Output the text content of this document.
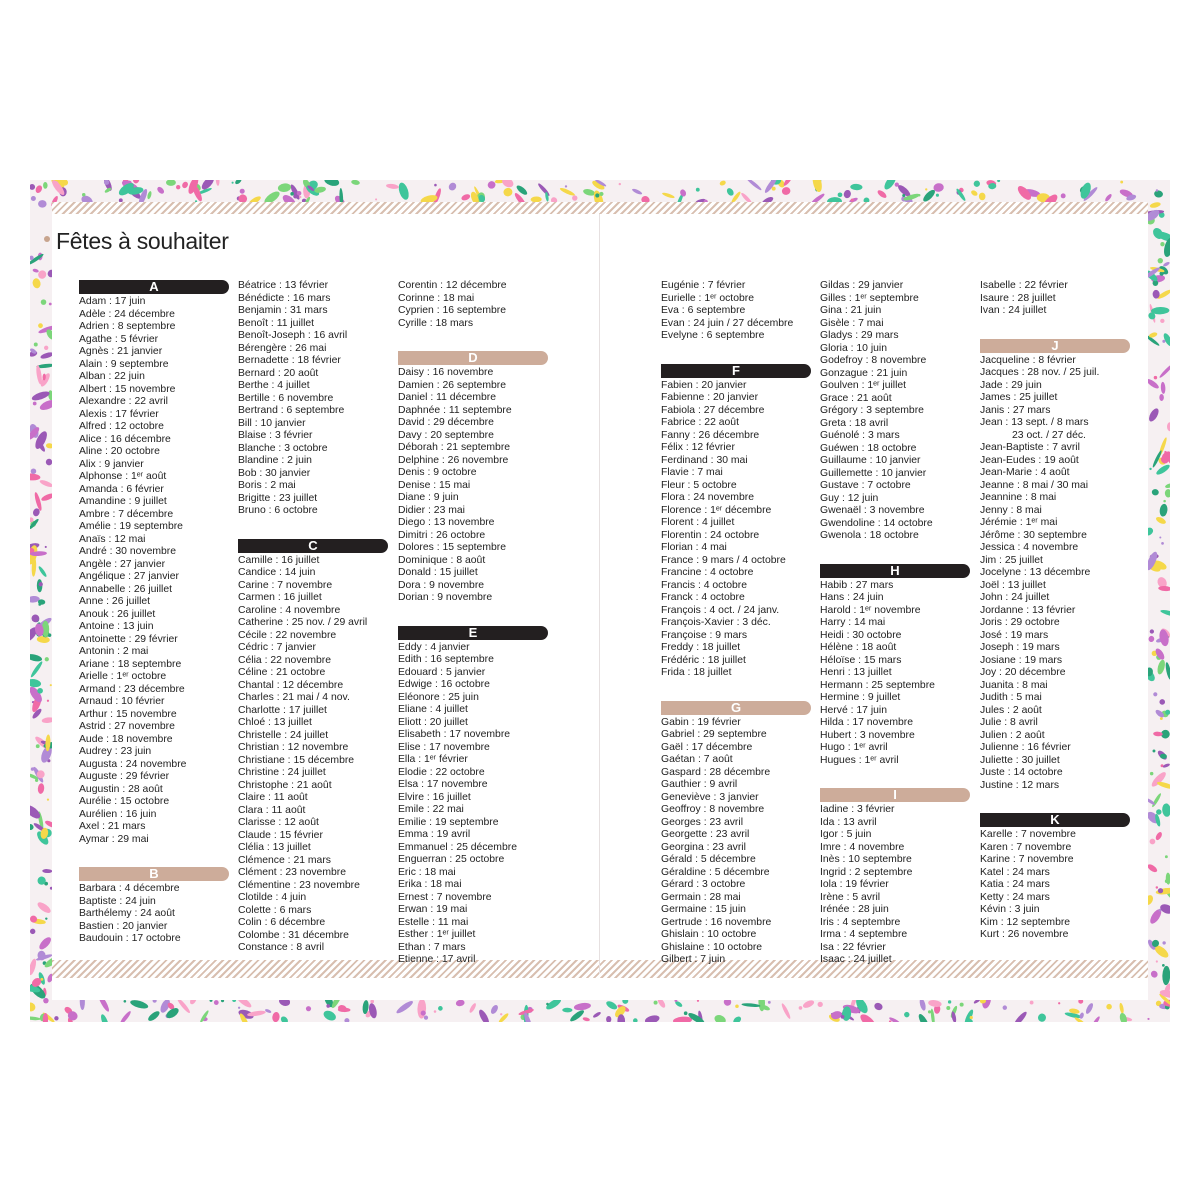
Fêtes à souhaiter
A
Adam : 17 juin
Adèle : 24 décembre
Adrien : 8 septembre
Agathe : 5 février
Agnès : 21 janvier
Alain : 9 septembre
Alban : 22 juin
Albert : 15 novembre
Alexandre : 22 avril
Alexis : 17 février
Alfred : 12 octobre
Alice : 16 décembre
Aline : 20 octobre
Alix : 9 janvier
Alphonse : 1ᵉʳ août
Amanda : 6 février
Amandine : 9 juillet
Ambre : 7 décembre
Amélie : 19 septembre
Anaïs : 12 mai
André : 30 novembre
Angèle : 27 janvier
Angélique : 27 janvier
Annabelle : 26 juillet
Anne : 26 juillet
Anouk : 26 juillet
Antoine : 13 juin
Antoinette : 29 février
Antonin : 2 mai
Ariane : 18 septembre
Arielle : 1ᵉʳ octobre
Armand : 23 décembre
Arnaud : 10 février
Arthur : 15 novembre
Astrid : 27 novembre
Aude : 18 novembre
Audrey : 23 juin
Augusta : 24 novembre
Auguste : 29 février
Augustin : 28 août
Aurélie : 15 octobre
Aurélien : 16 juin
Axel : 21 mars
Aymar : 29 mai
B
Barbara : 4 décembre
Baptiste : 24 juin
Barthélemy : 24 août
Bastien : 20 janvier
Baudouin : 17 octobre
Béatrice : 13 février
Bénédicte : 16 mars
Benjamin : 31 mars
Benoît : 11 juillet
Benoît-Joseph : 16 avril
Bérengère : 26 mai
Bernadette : 18 février
Bernard : 20 août
Berthe : 4 juillet
Bertille : 6 novembre
Bertrand : 6 septembre
Bill : 10 janvier
Blaise : 3 février
Blanche : 3 octobre
Blandine : 2 juin
Bob : 30 janvier
Boris : 2 mai
Brigitte : 23 juillet
Bruno : 6 octobre
C
Camille : 16 juillet
Candice : 14 juin
Carine : 7 novembre
Carmen : 16 juillet
Caroline : 4 novembre
Catherine : 25 nov. / 29 avril
Cécile : 22 novembre
Cédric : 7 janvier
Célia : 22 novembre
Céline : 21 octobre
Chantal : 12 décembre
Charles : 21 mai / 4 nov.
Charlotte : 17 juillet
Chloé : 13 juillet
Christelle : 24 juillet
Christian : 12 novembre
Christiane : 15 décembre
Christine : 24 juillet
Christophe : 21 août
Claire : 11 août
Clara : 11 août
Clarisse : 12 août
Claude : 15 février
Clélia : 13 juillet
Clémence : 21 mars
Clément : 23 novembre
Clémentine : 23 novembre
Clotilde : 4 juin
Colette : 6 mars
Colin : 6 décembre
Colombe : 31 décembre
Constance : 8 avril
Corentin : 12 décembre
Corinne : 18 mai
Cyprien : 16 septembre
Cyrille : 18 mars
D
Daisy : 16 novembre
Damien : 26 septembre
Daniel : 11 décembre
Daphnée : 11 septembre
David : 29 décembre
Davy : 20 septembre
Déborah : 21 septembre
Delphine : 26 novembre
Denis : 9 octobre
Denise : 15 mai
Diane : 9 juin
Didier : 23 mai
Diego : 13 novembre
Dimitri : 26 octobre
Dolores : 15 septembre
Dominique : 8 août
Donald : 15 juillet
Dora : 9 novembre
Dorian : 9 novembre
E
Eddy : 4 janvier
Edith : 16 septembre
Edouard : 5 janvier
Edwige : 16 octobre
Eléonore : 25 juin
Eliane : 4 juillet
Eliott : 20 juillet
Elisabeth : 17 novembre
Elise : 17 novembre
Ella : 1ᵉʳ février
Elodie : 22 octobre
Elsa : 17 novembre
Elvire : 16 juillet
Emile : 22 mai
Emilie : 19 septembre
Emma : 19 avril
Emmanuel : 25 décembre
Enguerran : 25 octobre
Eric : 18 mai
Erika : 18 mai
Ernest : 7 novembre
Erwan : 19 mai
Estelle : 11 mai
Esther : 1ᵉʳ juillet
Ethan : 7 mars
Etienne : 17 avril
Eugénie : 7 février
Eurielle : 1ᵉʳ octobre
Eva : 6 septembre
Evan : 24 juin / 27 décembre
Evelyne : 6 septembre
F
Fabien : 20 janvier
Fabienne : 20 janvier
Fabiola : 27 décembre
Fabrice : 22 août
Fanny : 26 décembre
Félix : 12 février
Ferdinand : 30 mai
Flavie : 7 mai
Fleur : 5 octobre
Flora : 24 novembre
Florence : 1ᵉʳ décembre
Florent : 4 juillet
Florentin : 24 octobre
Florian : 4 mai
France : 9 mars / 4 octobre
Francine : 4 octobre
Francis : 4 octobre
Franck : 4 octobre
François : 4 oct. / 24 janv.
François-Xavier : 3 déc.
Françoise : 9 mars
Freddy : 18 juillet
Frédéric : 18 juillet
Frida : 18 juillet
G
Gabin : 19 février
Gabriel : 29 septembre
Gaël : 17 décembre
Gaétan : 7 août
Gaspard : 28 décembre
Gauthier : 9 avril
Geneviève : 3 janvier
Geoffroy : 8 novembre
Georges : 23 avril
Georgette : 23 avril
Georgina : 23 avril
Gérald : 5 décembre
Géraldine : 5 décembre
Gérard : 3 octobre
Germain : 28 mai
Germaine : 15 juin
Gertrude : 16 novembre
Ghislain : 10 octobre
Ghislaine : 10 octobre
Gilbert : 7 juin
Gildas : 29 janvier
Gilles : 1ᵉʳ septembre
Gina : 21 juin
Gisèle : 7 mai
Gladys : 29 mars
Gloria : 10 juin
Godefroy : 8 novembre
Gonzague : 21 juin
Goulven : 1ᵉʳ juillet
Grace : 21 août
Grégory : 3 septembre
Greta : 18 avril
Guénolé : 3 mars
Guéwen : 18 octobre
Guillaume : 10 janvier
Guillemette : 10 janvier
Gustave : 7 octobre
Guy : 12 juin
Gwenaël : 3 novembre
Gwendoline : 14 octobre
Gwenola : 18 octobre
H
Habib : 27 mars
Hans : 24 juin
Harold : 1ᵉʳ novembre
Harry : 14 mai
Heidi : 30 octobre
Hélène : 18 août
Héloïse : 15 mars
Henri : 13 juillet
Hermann : 25 septembre
Hermine : 9 juillet
Hervé : 17 juin
Hilda : 17 novembre
Hubert : 3 novembre
Hugo : 1ᵉʳ avril
Hugues : 1ᵉʳ avril
I
Iadine : 3 février
Ida : 13 avril
Igor : 5 juin
Imre : 4 novembre
Inès : 10 septembre
Ingrid : 2 septembre
Iola : 19 février
Irène : 5 avril
Irénée : 28 juin
Iris : 4 septembre
Irma : 4 septembre
Isa : 22 février
Isaac : 24 juillet
Isabelle : 22 février
Isaure : 28 juillet
Ivan : 24 juillet
J
Jacqueline : 8 février
Jacques : 28 nov. / 25 juil.
Jade : 29 juin
James : 25 juillet
Janis : 27 mars
Jean : 13 sept. / 8 mars
23 oct. / 27 déc.
Jean-Baptiste : 7 avril
Jean-Eudes : 19 août
Jean-Marie : 4 août
Jeanne : 8 mai / 30 mai
Jeannine : 8 mai
Jenny : 8 mai
Jérémie : 1ᵉʳ mai
Jérôme : 30 septembre
Jessica : 4 novembre
Jim : 25 juillet
Jocelyne : 13 décembre
Joël : 13 juillet
John : 24 juillet
Jordanne : 13 février
Joris : 29 octobre
José : 19 mars
Joseph : 19 mars
Josiane : 19 mars
Joy : 20 décembre
Juanita : 8 mai
Judith : 5 mai
Jules : 2 août
Julie : 8 avril
Julien : 2 août
Julienne : 16 février
Juliette : 30 juillet
Juste : 14 octobre
Justine : 12 mars
K
Karelle : 7 novembre
Karen : 7 novembre
Karine : 7 novembre
Katel : 24 mars
Katia : 24 mars
Ketty : 24 mars
Kévin : 3 juin
Kim : 12 septembre
Kurt : 26 novembre
